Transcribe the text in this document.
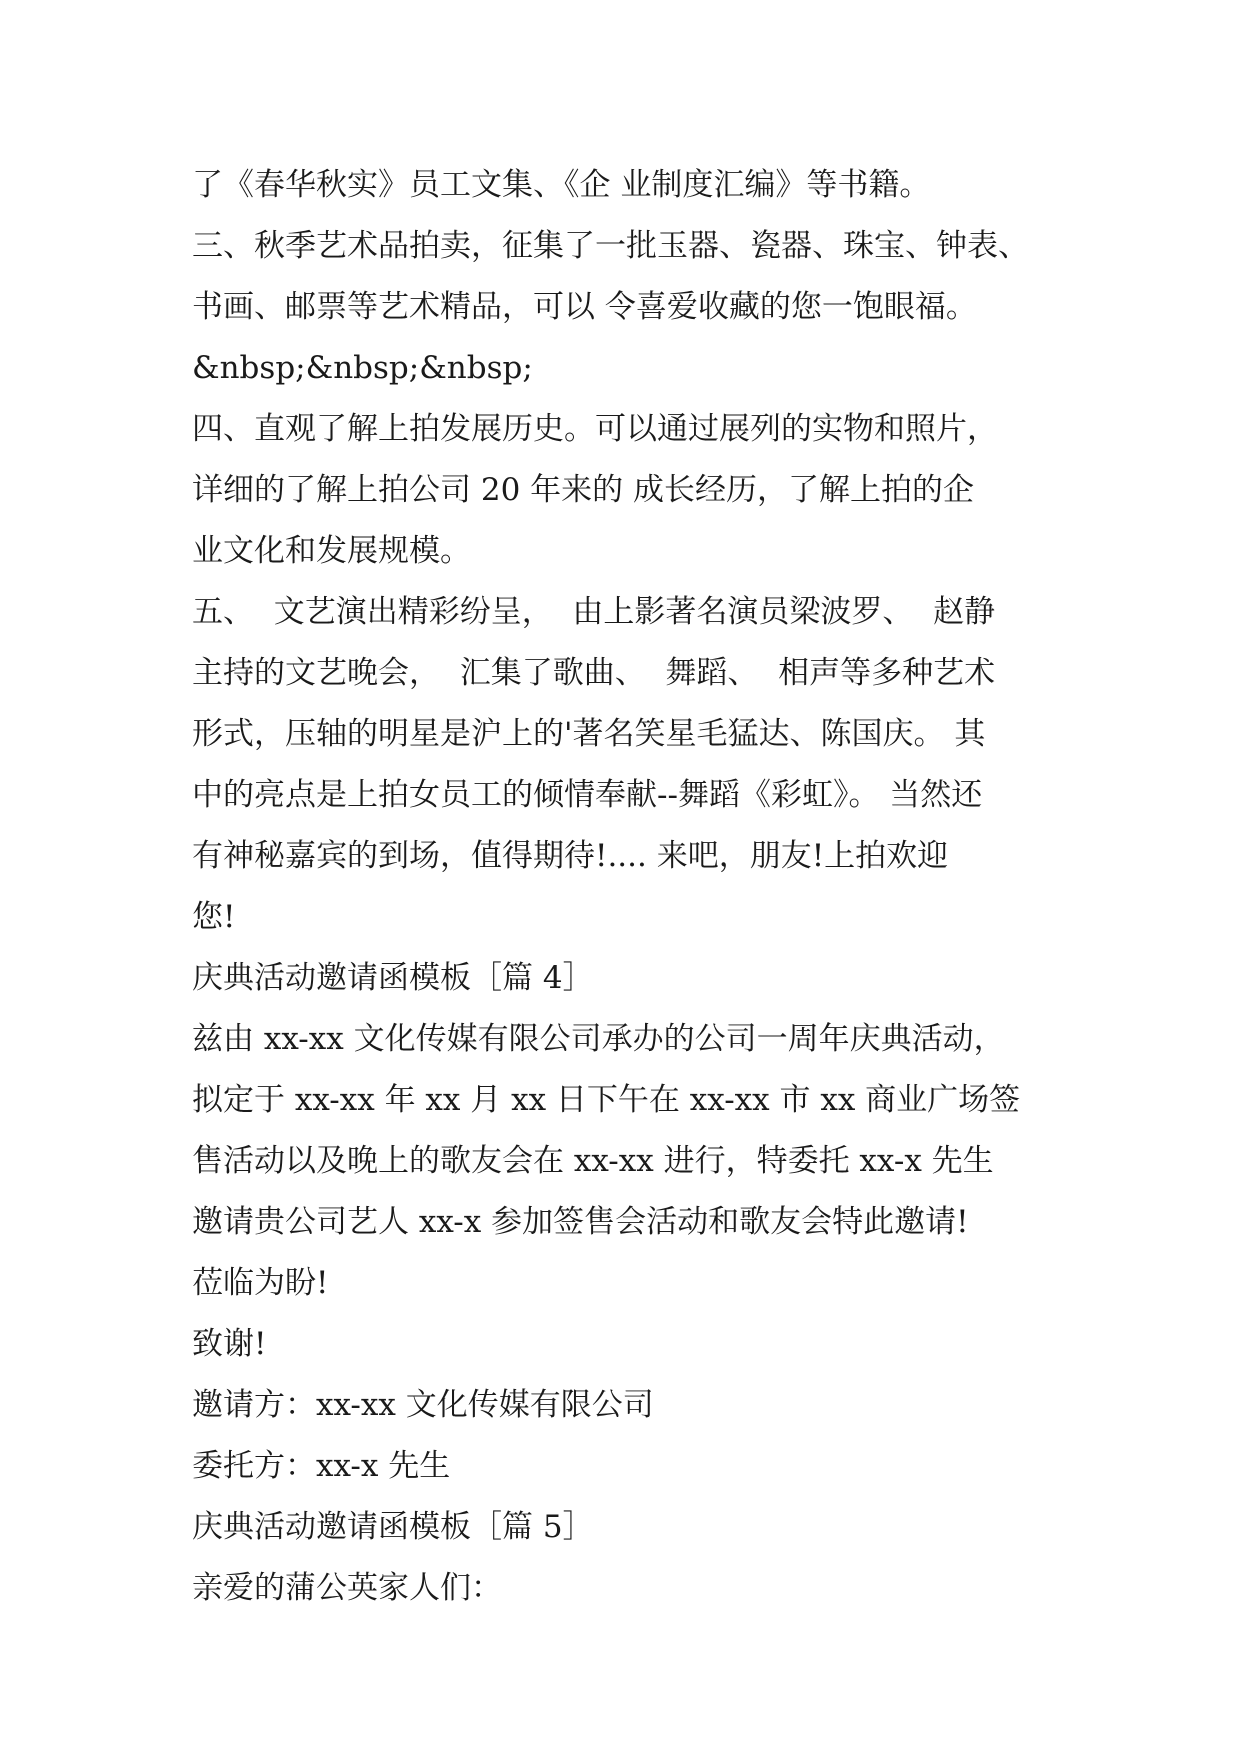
了《春华秋实》员工文集、《企 业制度汇编》等书籍。
三、秋季艺术品拍卖，征集了一批玉器、瓷器、珠宝、钟表、
书画、邮票等艺术精品，可以 令喜爱收藏的您一饱眼福。
&nbsp;&nbsp;&nbsp;
四、直观了解上拍发展历史。可以通过展列的实物和照片，
详细的了解上拍公司 20 年来的 成长经历，了解上拍的企
业文化和发展规模。
五、  文艺演出精彩纷呈，  由上影著名演员梁波罗、  赵静
主持的文艺晚会，  汇集了歌曲、  舞蹈、  相声等多种艺术
形式，压轴的明星是沪上的'著名笑星毛猛达、陈国庆。 其
中的亮点是上拍女员工的倾情奉献--舞蹈《彩虹》。 当然还
有神秘嘉宾的到场，值得期待!.... 来吧，朋友!上拍欢迎
您!
庆典活动邀请函模板［篇 4］
兹由 xx-xx 文化传媒有限公司承办的公司一周年庆典活动，
拟定于 xx-xx 年 xx 月 xx 日下午在 xx-xx 市 xx 商业广场签
售活动以及晚上的歌友会在 xx-xx 进行，特委托 xx-x 先生
邀请贵公司艺人 xx-x 参加签售会活动和歌友会特此邀请!
莅临为盼!
致谢!
邀请方：xx-xx 文化传媒有限公司
委托方：xx-x 先生
庆典活动邀请函模板［篇 5］
亲爱的蒲公英家人们：
